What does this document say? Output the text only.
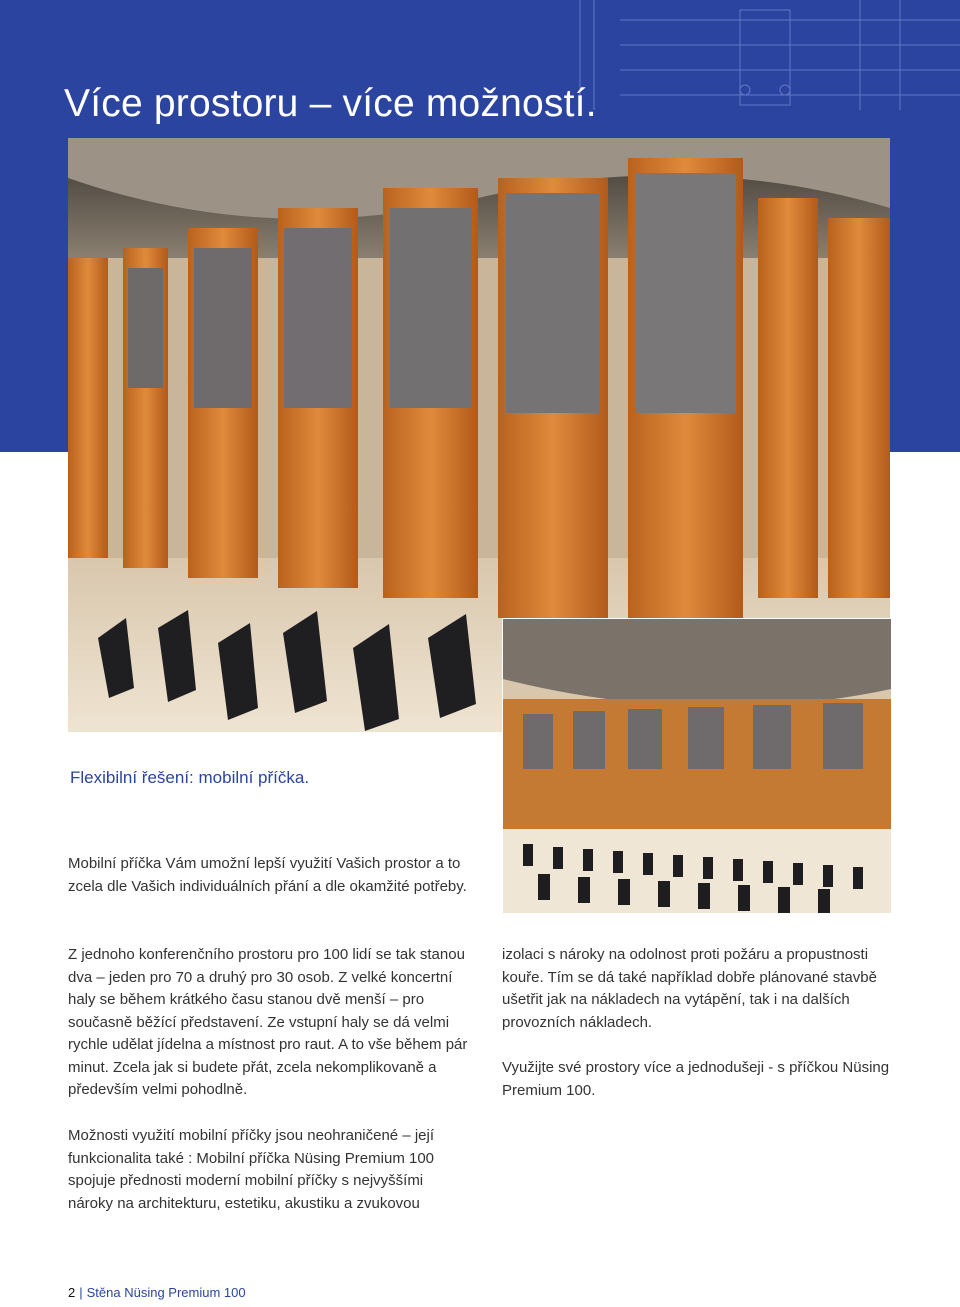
Více prostoru – více možností.
Flexibilní řešení: mobilní příčka.

Mobilní příčka Vám umožní lepší využití Vašich prostor a to zcela dle Vašich individuálních přání a dle okamžité potřeby.

Z jednoho konferenčního prostoru pro 100 lidí se tak stanou dva – jeden pro 70 a druhý pro 30 osob. Z velké koncertní haly se během krátkého času stanou dvě menší – pro současně běžící představení. Ze vstupní haly se dá velmi rychle udělat jídelna a místnost pro raut. A to vše během pár minut. Zcela jak si budete přát, zcela nekomplikovaně a především velmi pohodlně.

Možnosti využití mobilní příčky jsou neohraničené – její funkcionalita také : Mobilní příčka Nüsing Premium 100 spojuje přednosti moderní mobilní příčky s nejvyššími nároky na architekturu, estetiku, akustiku a zvukovou

izolaci s nároky na odolnost proti požáru a propustnosti kouře. Tím se dá také například dobře plánované stavbě ušetřit jak na nákladech na vytápění, tak i na dalších provozních nákladech.

Využijte své prostory více a jednodušeji - s příčkou Nüsing Premium 100.

2 | Stěna Nüsing Premium 100
